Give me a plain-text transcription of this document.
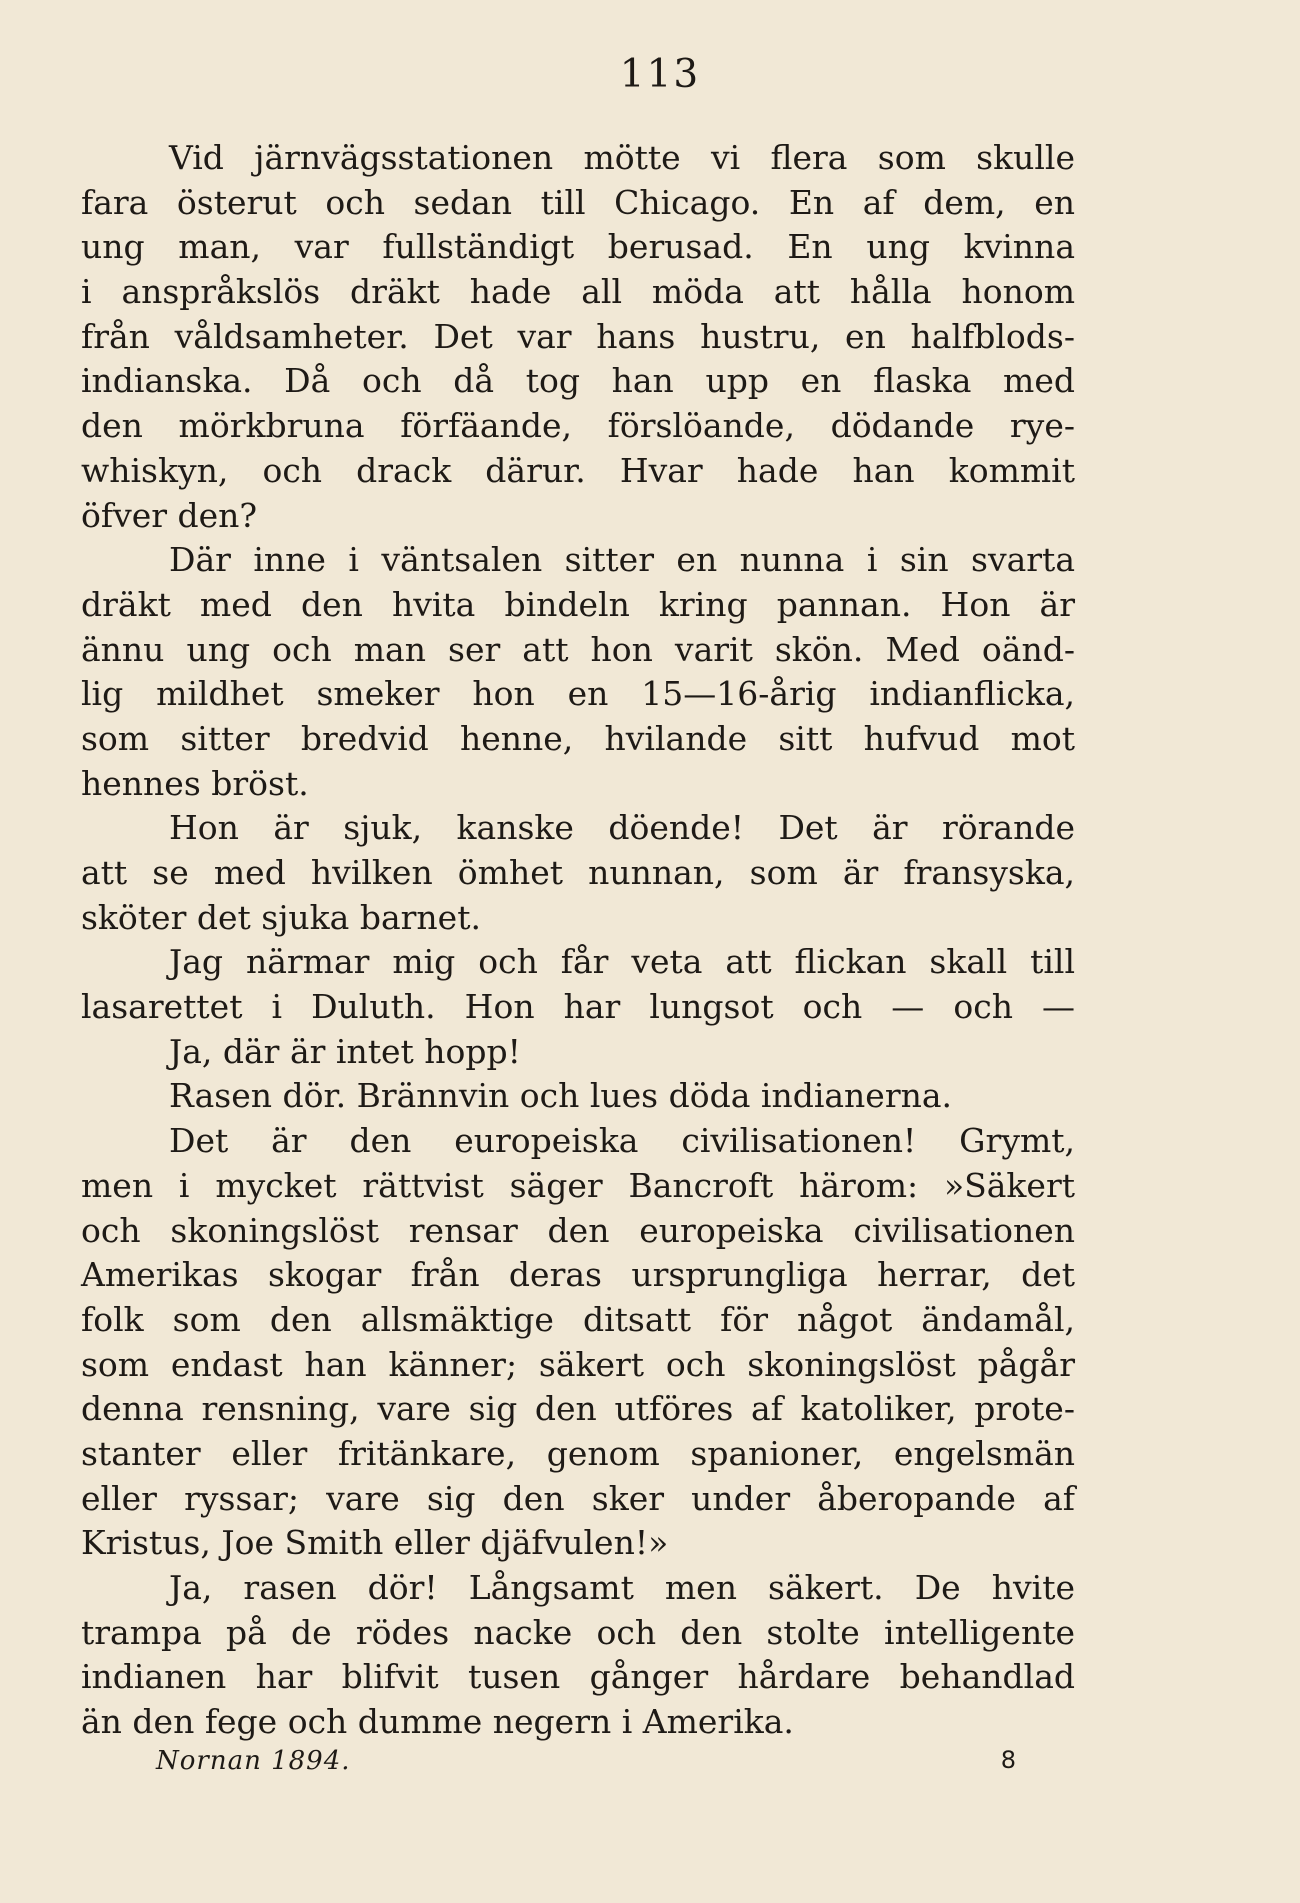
113
Vid järnvägsstationen mötte vi flera som skulle
fara österut och sedan till Chicago. En af dem, en
ung man, var fullständigt berusad. En ung kvinna
i anspråkslös dräkt hade all möda att hålla honom
från våldsamheter. Det var hans hustru, en halfblods-
indianska. Då och då tog han upp en flaska med
den mörkbruna förfäande, förslöande, dödande rye-
whiskyn, och drack därur. Hvar hade han kommit
öfver den?
Där inne i väntsalen sitter en nunna i sin svarta
dräkt med den hvita bindeln kring pannan. Hon är
ännu ung och man ser att hon varit skön. Med oänd-
lig mildhet smeker hon en 15—16-årig indianflicka,
som sitter bredvid henne, hvilande sitt hufvud mot
hennes bröst.
Hon är sjuk, kanske döende! Det är rörande
att se med hvilken ömhet nunnan, som är fransyska,
sköter det sjuka barnet.
Jag närmar mig och får veta att flickan skall till
lasarettet i Duluth. Hon har lungsot och — och —
Ja, där är intet hopp!
Rasen dör. Brännvin och lues döda indianerna.
Det är den europeiska civilisationen! Grymt,
men i mycket rättvist säger Bancroft härom: »Säkert
och skoningslöst rensar den europeiska civilisationen
Amerikas skogar från deras ursprungliga herrar, det
folk som den allsmäktige ditsatt för något ändamål,
som endast han känner; säkert och skoningslöst pågår
denna rensning, vare sig den utföres af katoliker, prote-
stanter eller fritänkare, genom spanioner, engelsmän
eller ryssar; vare sig den sker under åberopande af
Kristus, Joe Smith eller djäfvulen!»
Ja, rasen dör! Långsamt men säkert. De hvite
trampa på de rödes nacke och den stolte intelligente
indianen har blifvit tusen gånger hårdare behandlad
än den fege och dumme negern i Amerika.
Nornan 1894.	8
